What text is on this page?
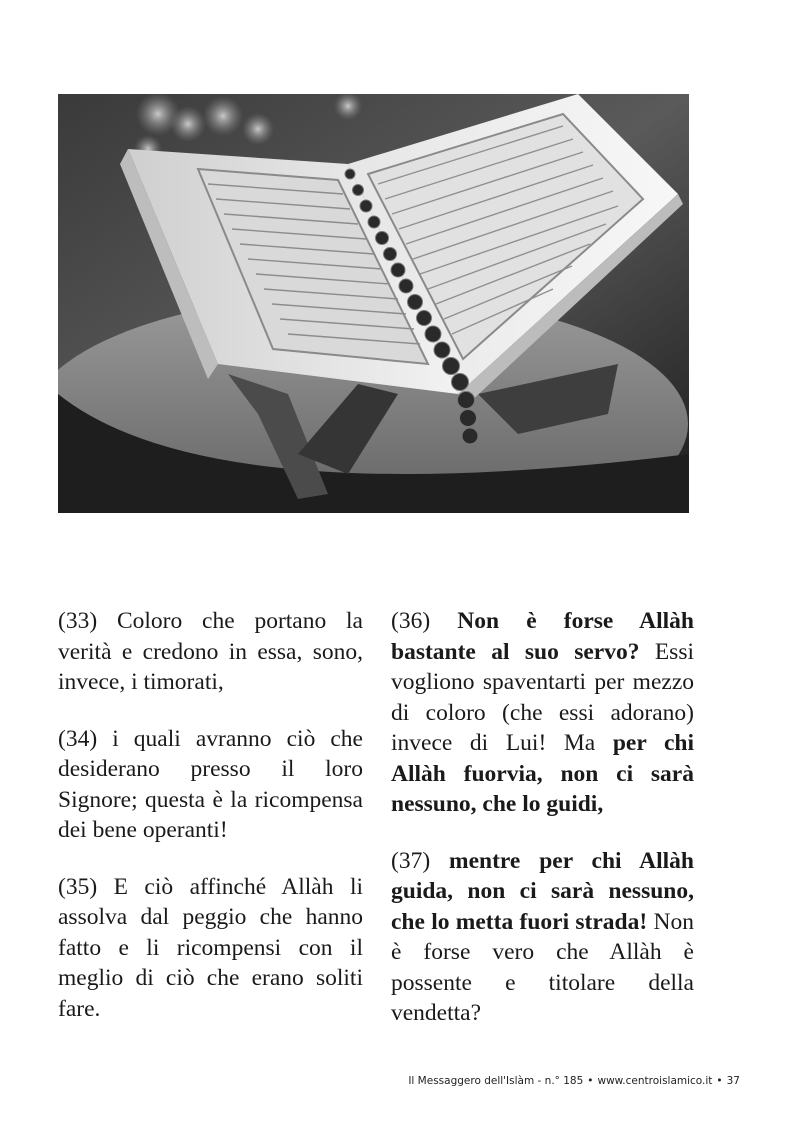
(33) Coloro che portano la verità e credono in essa, sono, invece, i timorati,

(34) i quali avranno ciò che desiderano presso il loro Signore; questa è la ricompensa dei bene operanti!

(35) E ciò affinché Allàh li assolva dal peggio che hanno fatto e li ricompensi con il meglio di ciò che erano soliti fare.

(36) Non è forse Allàh bastante al suo servo? Essi vogliono spaventarti per mezzo di coloro (che essi adorano) invece di Lui! Ma per chi Allàh fuorvia, non ci sarà nessuno, che lo guidi,

(37) mentre per chi Allàh guida, non ci sarà nessuno, che lo metta fuori strada! Non è forse vero che Allàh è possente e titolare della vendetta?

Il Messaggero dell'Islàm - n.° 185 • www.centroislamico.it • 37
